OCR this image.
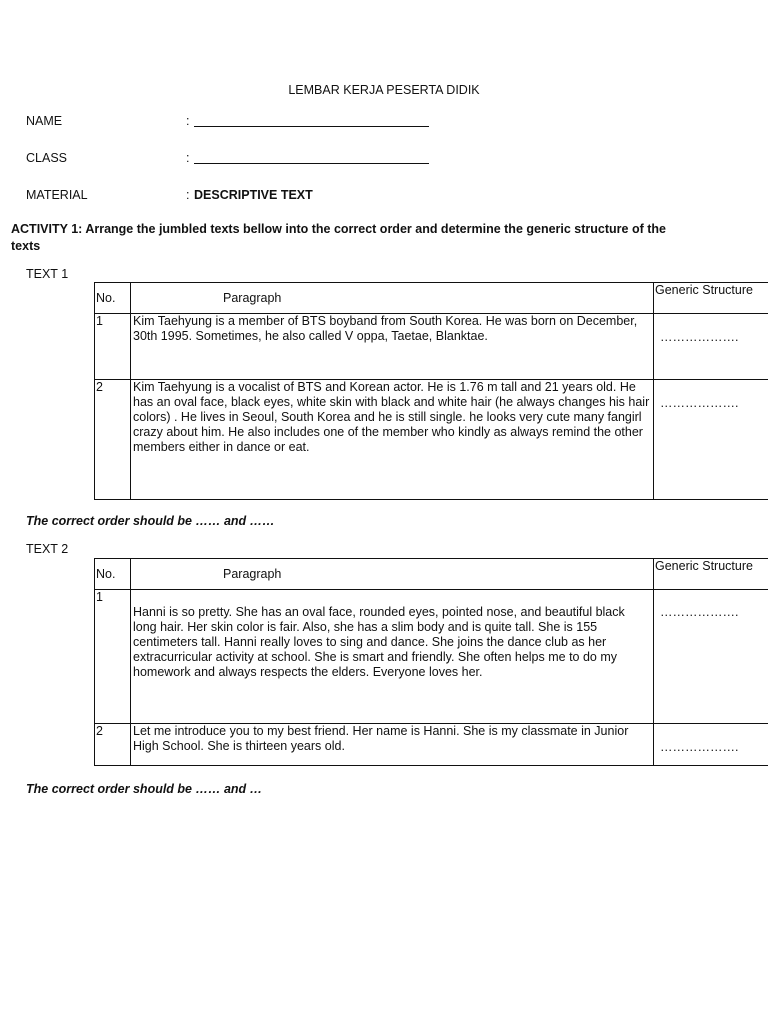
LEMBAR KERJA PESERTA DIDIK
NAME	:
CLASS	:
MATERIAL	: DESCRIPTIVE TEXT
ACTIVITY 1: Arrange the jumbled texts bellow into the correct order and determine the generic structure of the texts
TEXT 1
No.	Paragraph	Generic Structure
1	Kim Taehyung is a member of BTS boyband from South Korea. He was born on December, 30th 1995. Sometimes, he also called V oppa, Taetae, Blanktae.	……………….
2	Kim Taehyung is a vocalist of BTS and Korean actor. He is 1.76 m tall and 21 years old. He has an oval face, black eyes, white skin with black and white hair (he always changes his hair colors) . He lives in Seoul, South Korea and he is still single. he looks very cute many fangirl crazy about him. He also includes one of the member who kindly as always remind the other members either in dance or eat.	……………….
The correct order should be …… and ……
TEXT 2
No.	Paragraph	Generic Structure
1	Hanni is so pretty. She has an oval face, rounded eyes, pointed nose, and beautiful black long hair. Her skin color is fair. Also, she has a slim body and is quite tall. She is 155 centimeters tall. Hanni really loves to sing and dance. She joins the dance club as her extracurricular activity at school. She is smart and friendly. She often helps me to do my homework and always respects the elders. Everyone loves her.	……………….
2	Let me introduce you to my best friend. Her name is Hanni. She is my classmate in Junior High School. She is thirteen years old.	……………….
The correct order should be …… and …
